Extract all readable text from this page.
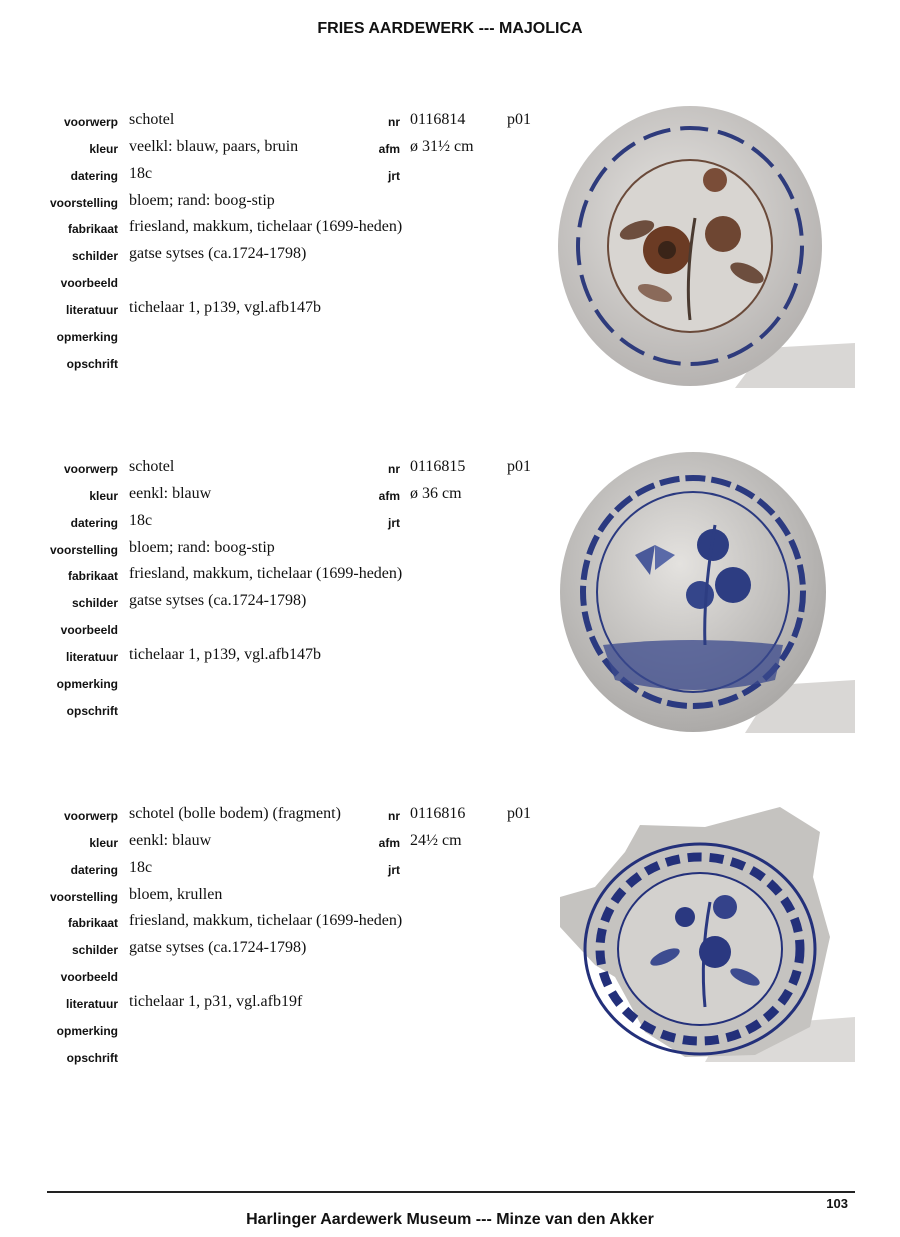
FRIES AARDEWERK --- MAJOLICA
voorwerp schotel
kleur veelkl: blauw, paars, bruin
datering 18c
voorstelling bloem; rand: boog-stip
fabrikaat friesland, makkum, tichelaar (1699-heden)
schilder gatse sytses (ca.1724-1798)
voorbeeld
literatuur tichelaar 1, p139, vgl.afb147b
opmerking
opschrift
nr 0116814
afm ø 31½ cm
jrt
p01
voorwerp schotel
kleur eenkl: blauw
datering 18c
voorstelling bloem; rand: boog-stip
fabrikaat friesland, makkum, tichelaar (1699-heden)
schilder gatse sytses (ca.1724-1798)
voorbeeld
literatuur tichelaar 1, p139, vgl.afb147b
opmerking
opschrift
nr 0116815
afm ø 36 cm
jrt
p01
voorwerp schotel (bolle bodem) (fragment)
kleur eenkl: blauw
datering 18c
voorstelling bloem, krullen
fabrikaat friesland, makkum, tichelaar (1699-heden)
schilder gatse sytses (ca.1724-1798)
voorbeeld
literatuur tichelaar 1, p31, vgl.afb19f
opmerking
opschrift
nr 0116816
afm 24½ cm
jrt
p01
103
Harlinger Aardewerk Museum --- Minze van den Akker
